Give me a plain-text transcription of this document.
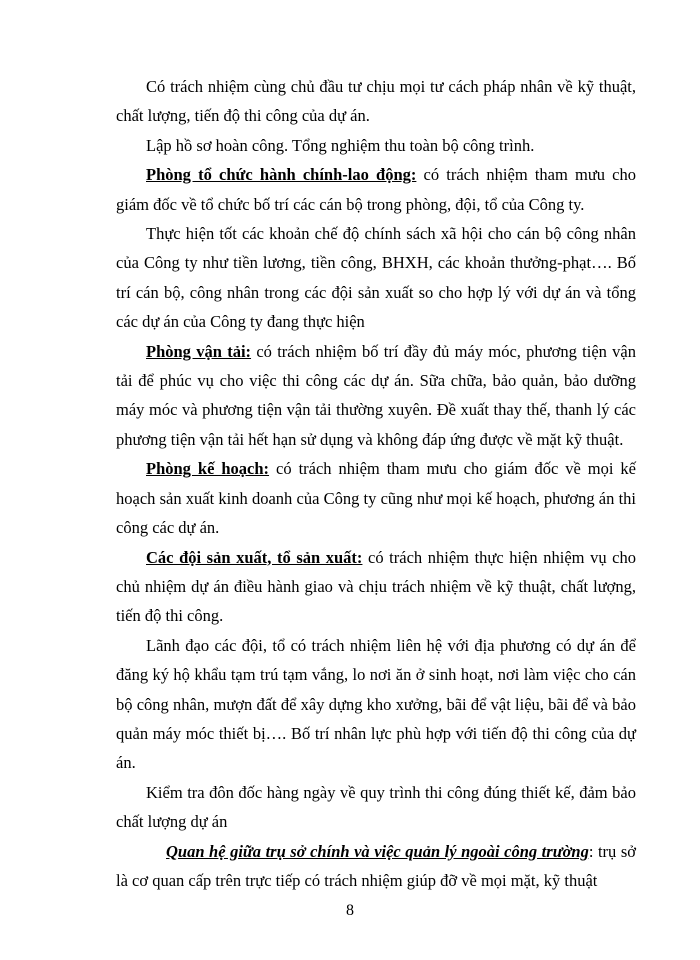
Có trách nhiệm cùng chủ đầu tư chịu mọi tư cách pháp nhân về kỹ thuật, chất lượng, tiến độ thi công của dự án.

Lập hồ sơ hoàn công. Tổng nghiệm thu toàn bộ công trình.

Phòng tổ chức hành chính-lao động: có trách nhiệm tham mưu cho giám đốc về tổ chức bố trí các cán bộ trong phòng, đội, tổ của Công ty.

Thực hiện tốt các khoản chế độ chính sách xã hội cho cán bộ công nhân của Công ty như tiền lương, tiền công, BHXH, các khoản thưởng-phạt…. Bố trí cán bộ, công nhân trong các đội sản xuất so cho hợp lý với dự án và tổng các dự án của Công ty đang thực hiện

Phòng vận tải: có trách nhiệm bố trí đầy đủ máy móc, phương tiện vận tải để phúc vụ cho việc thi công các dự án. Sữa chữa, bảo quản, bảo dưỡng máy móc và phương tiện vận tải thường xuyên. Đề xuất thay thế, thanh lý các phương tiện vận tải hết hạn sử dụng và không đáp ứng được về mặt kỹ thuật.

Phòng kế hoạch: có trách nhiệm tham mưu cho giám đốc về mọi kế hoạch sản xuất kinh doanh của Công ty cũng như mọi kế hoạch, phương án thi công các dự án.

Các đội sản xuất, tổ sản xuất: có trách nhiệm thực hiện nhiệm vụ cho chủ nhiệm dự án điều hành giao và chịu trách nhiệm về kỹ thuật, chất lượng, tiến độ thi công.

Lãnh đạo các đội, tổ có trách nhiệm liên hệ với địa phương có dự án để đăng ký hộ khẩu tạm trú tạm vắng, lo nơi ăn ở sinh hoạt, nơi làm việc cho cán bộ công nhân, mượn đất để xây dựng kho xưởng, bãi để vật liệu, bãi để và bảo quản máy móc thiết bị…. Bố trí nhân lực phù hợp với tiến độ thi công của dự án.

Kiểm tra đôn đốc hàng ngày về quy trình thi công đúng thiết kế, đảm bảo chất lượng dự án

Quan hệ giữa trụ sở chính và việc quản lý ngoài công trường: trụ sở là cơ quan cấp trên trực tiếp có trách nhiệm giúp đỡ về mọi mặt, kỹ thuật

8
